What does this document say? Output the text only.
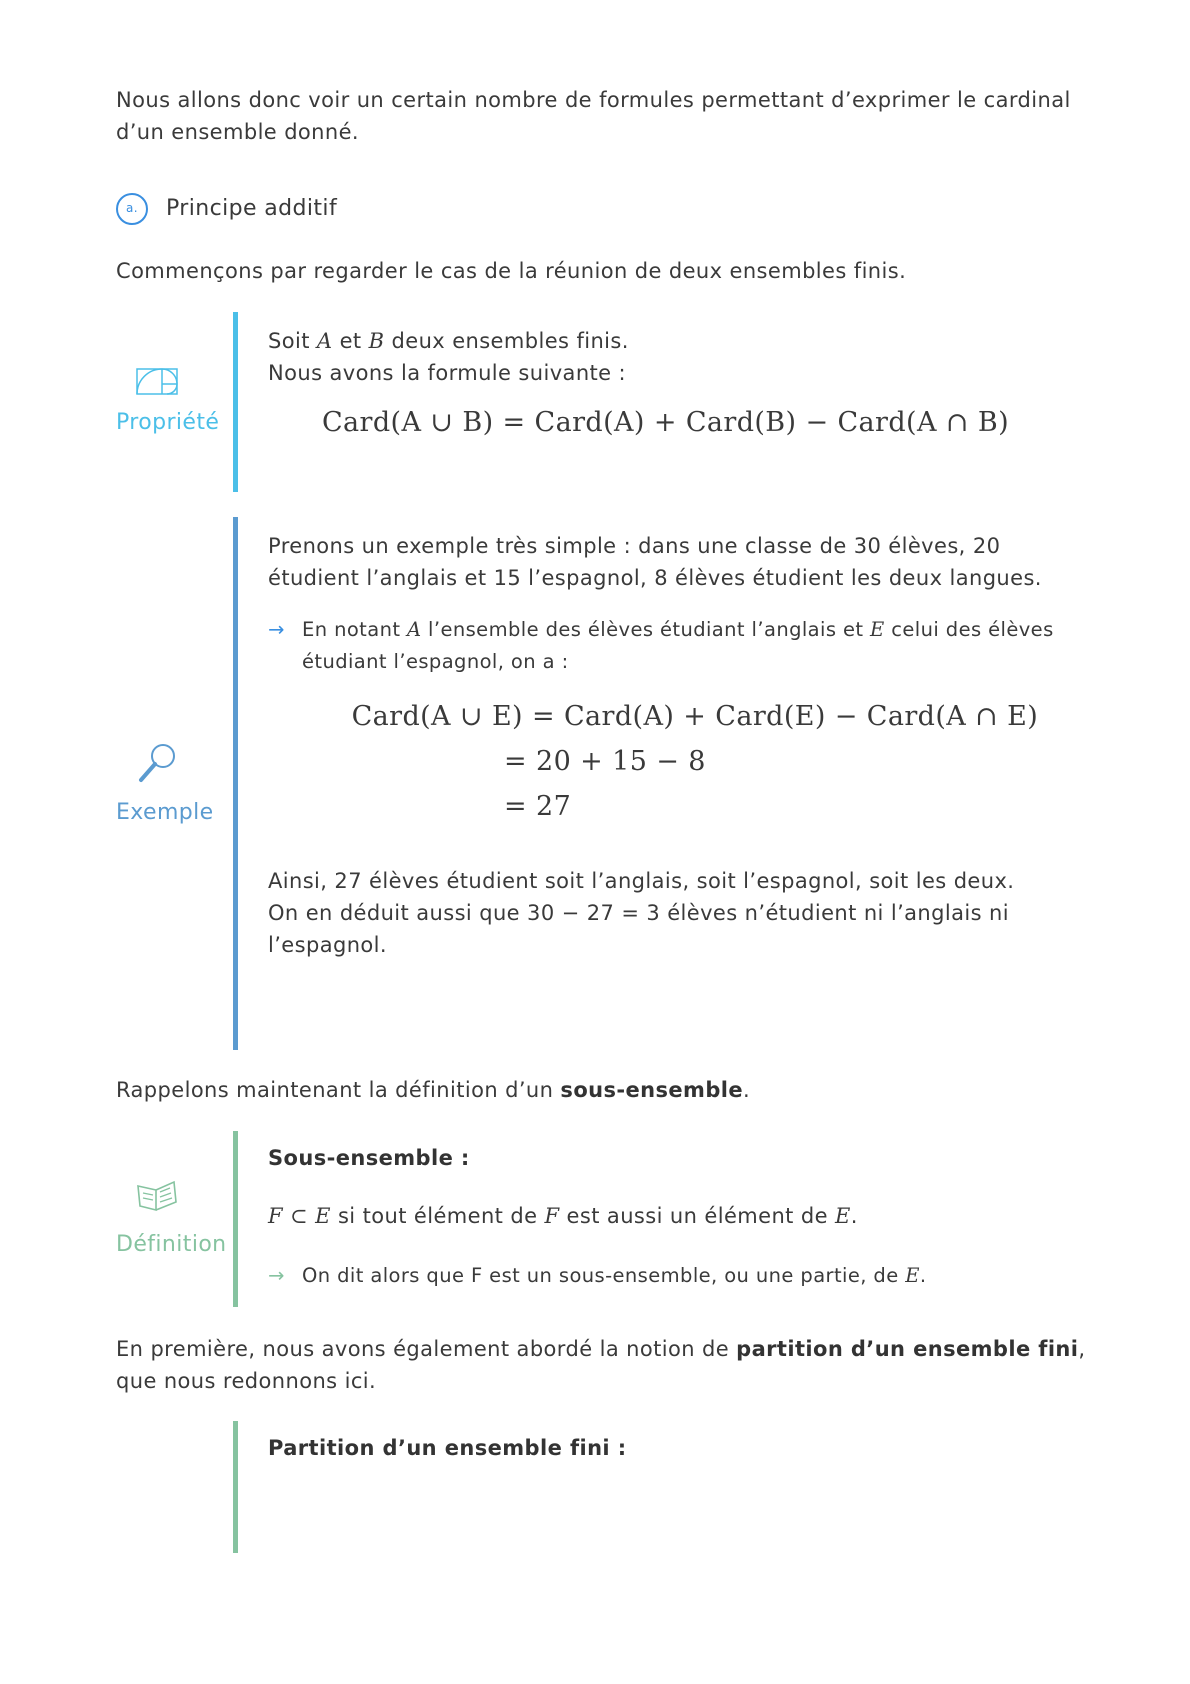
Nous allons donc voir un certain nombre de formules permettant d’exprimer le cardinal d’un ensemble donné.
a.	Principe additif
Commençons par regarder le cas de la réunion de deux ensembles finis.
Propriété
Soit A et B deux ensembles finis.
Nous avons la formule suivante :
Card(A ∪ B) = Card(A) + Card(B) − Card(A ∩ B)
Exemple
Prenons un exemple très simple : dans une classe de 30 élèves, 20 étudient l’anglais et 15 l’espagnol, 8 élèves étudient les deux langues.
→ En notant A l’ensemble des élèves étudiant l’anglais et E celui des élèves étudiant l’espagnol, on a :
Card(A ∪ E) = Card(A) + Card(E) − Card(A ∩ E)
= 20 + 15 − 8
= 27
Ainsi, 27 élèves étudient soit l’anglais, soit l’espagnol, soit les deux.
On en déduit aussi que 30 − 27 = 3 élèves n’étudient ni l’anglais ni l’espagnol.
Rappelons maintenant la définition d’un sous-ensemble.
Définition
Sous-ensemble :
F ⊂ E si tout élément de F est aussi un élément de E.
→ On dit alors que F est un sous-ensemble, ou une partie, de E.
En première, nous avons également abordé la notion de partition d’un ensemble fini, que nous redonnons ici.
Partition d’un ensemble fini :
